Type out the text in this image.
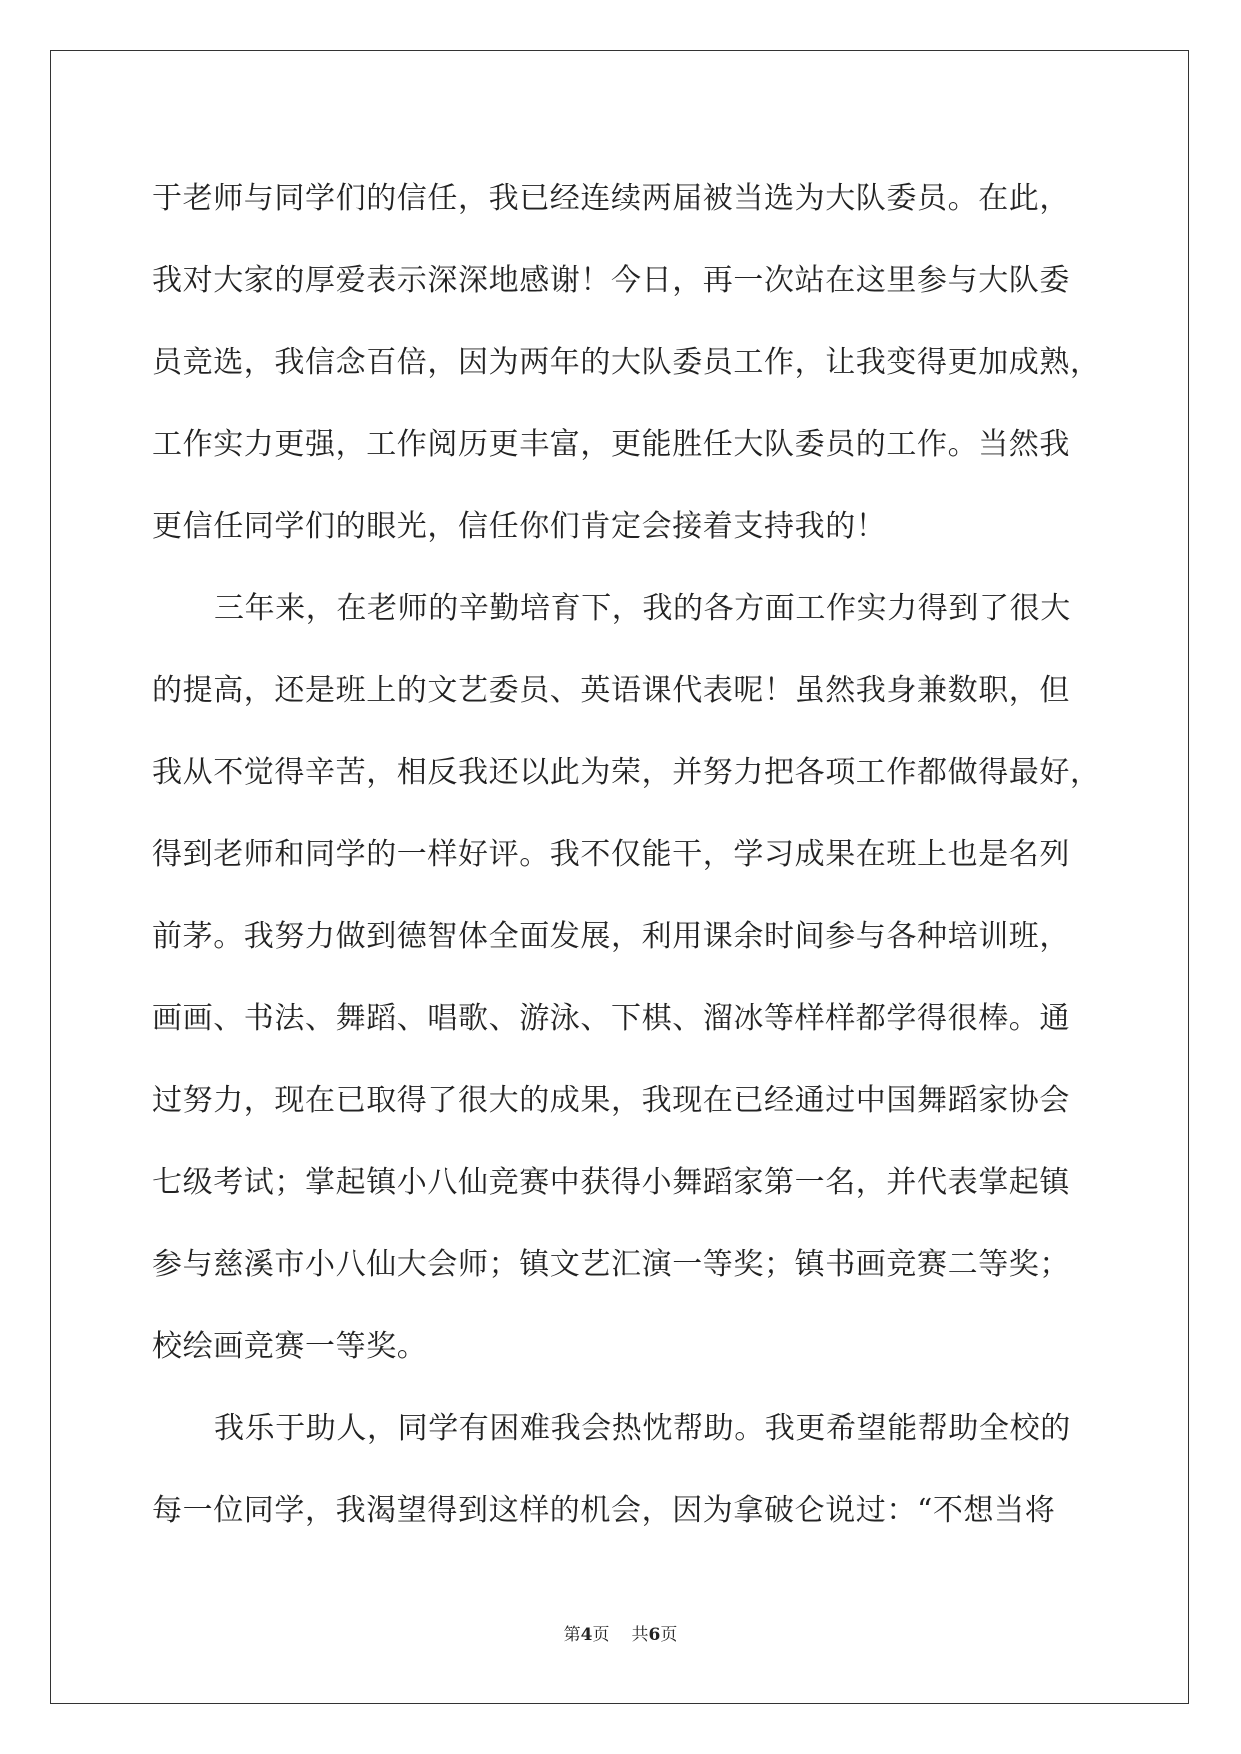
于老师与同学们的信任，我已经连续两届被当选为大队委员。在此，
我对大家的厚爱表示深深地感谢！今日，再一次站在这里参与大队委
员竞选，我信念百倍，因为两年的大队委员工作，让我变得更加成熟，
工作实力更强，工作阅历更丰富，更能胜任大队委员的工作。当然我
更信任同学们的眼光，信任你们肯定会接着支持我的！

三年来，在老师的辛勤培育下，我的各方面工作实力得到了很大
的提高，还是班上的文艺委员、英语课代表呢！虽然我身兼数职，但
我从不觉得辛苦，相反我还以此为荣，并努力把各项工作都做得最好，
得到老师和同学的一样好评。我不仅能干，学习成果在班上也是名列
前茅。我努力做到德智体全面发展，利用课余时间参与各种培训班，
画画、书法、舞蹈、唱歌、游泳、下棋、溜冰等样样都学得很棒。通
过努力，现在已取得了很大的成果，我现在已经通过中国舞蹈家协会
七级考试；掌起镇小八仙竞赛中获得小舞蹈家第一名，并代表掌起镇
参与慈溪市小八仙大会师；镇文艺汇演一等奖；镇书画竞赛二等奖；
校绘画竞赛一等奖。

我乐于助人，同学有困难我会热忱帮助。我更希望能帮助全校的
每一位同学，我渴望得到这样的机会，因为拿破仑说过：“不想当将

第4页 共6页
